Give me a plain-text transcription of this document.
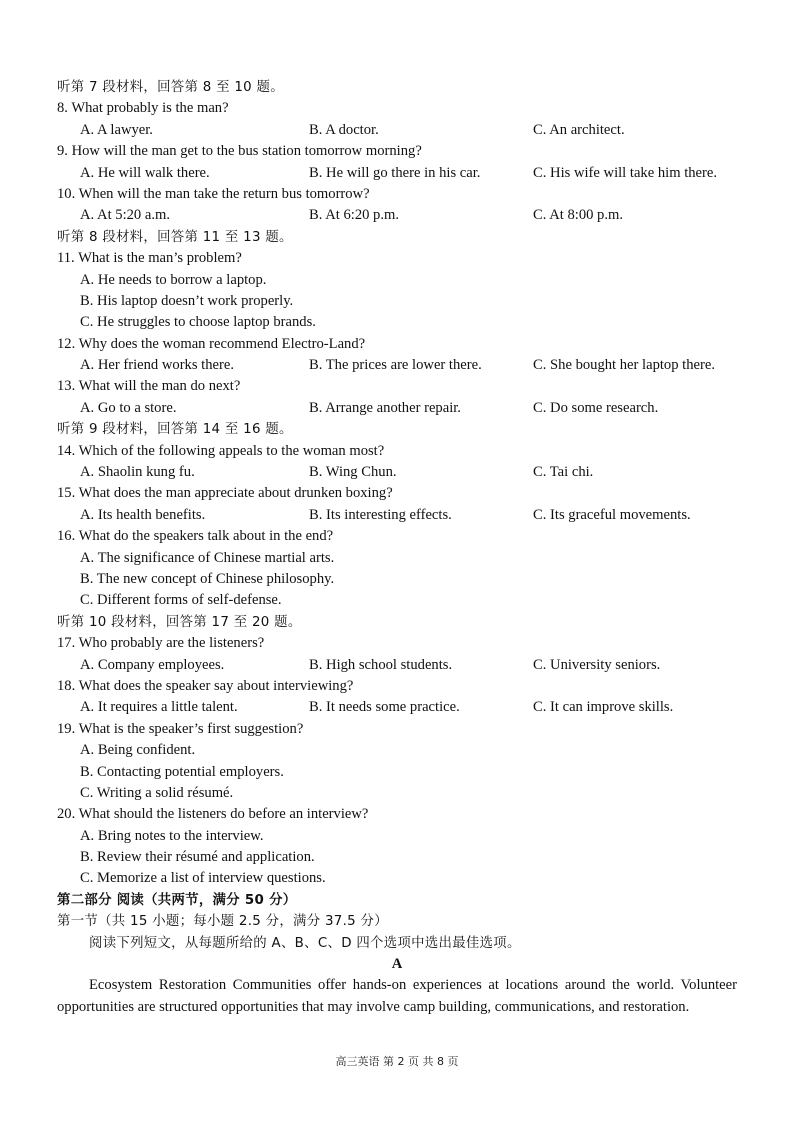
听第 7 段材料，回答第 8 至 10 题。
8. What probably is the man?
A. A lawyer.	B. A doctor.	C. An architect.
9. How will the man get to the bus station tomorrow morning?
A. He will walk there.	B. He will go there in his car.	C. His wife will take him there.
10. When will the man take the return bus tomorrow?
A. At 5:20 a.m.	B. At 6:20 p.m.	C. At 8:00 p.m.
听第 8 段材料，回答第 11 至 13 题。
11. What is the man’s problem?
A. He needs to borrow a laptop.
B. His laptop doesn’t work properly.
C. He struggles to choose laptop brands.
12. Why does the woman recommend Electro-Land?
A. Her friend works there.	B. The prices are lower there.	C. She bought her laptop there.
13. What will the man do next?
A. Go to a store.	B. Arrange another repair.	C. Do some research.
听第 9 段材料，回答第 14 至 16 题。
14. Which of the following appeals to the woman most?
A. Shaolin kung fu.	B. Wing Chun.	C. Tai chi.
15. What does the man appreciate about drunken boxing?
A. Its health benefits.	B. Its interesting effects.	C. Its graceful movements.
16. What do the speakers talk about in the end?
A. The significance of Chinese martial arts.
B. The new concept of Chinese philosophy.
C. Different forms of self-defense.
听第 10 段材料，回答第 17 至 20 题。
17. Who probably are the listeners?
A. Company employees.	B. High school students.	C. University seniors.
18. What does the speaker say about interviewing?
A. It requires a little talent.	B. It needs some practice.	C. It can improve skills.
19. What is the speaker’s first suggestion?
A. Being confident.
B. Contacting potential employers.
C. Writing a solid résumé.
20. What should the listeners do before an interview?
A. Bring notes to the interview.
B. Review their résumé and application.
C. Memorize a list of interview questions.
第二部分 阅读（共两节，满分 50 分）
第一节（共 15 小题；每小题 2.5 分，满分 37.5 分）
阅读下列短文，从每题所给的 A、B、C、D 四个选项中选出最佳选项。
A

Ecosystem Restoration Communities offer hands-on experiences at locations around the world. Volunteer opportunities are structured opportunities that may involve camp building, communications, and restoration.

高三英语 第 2 页 共 8 页
